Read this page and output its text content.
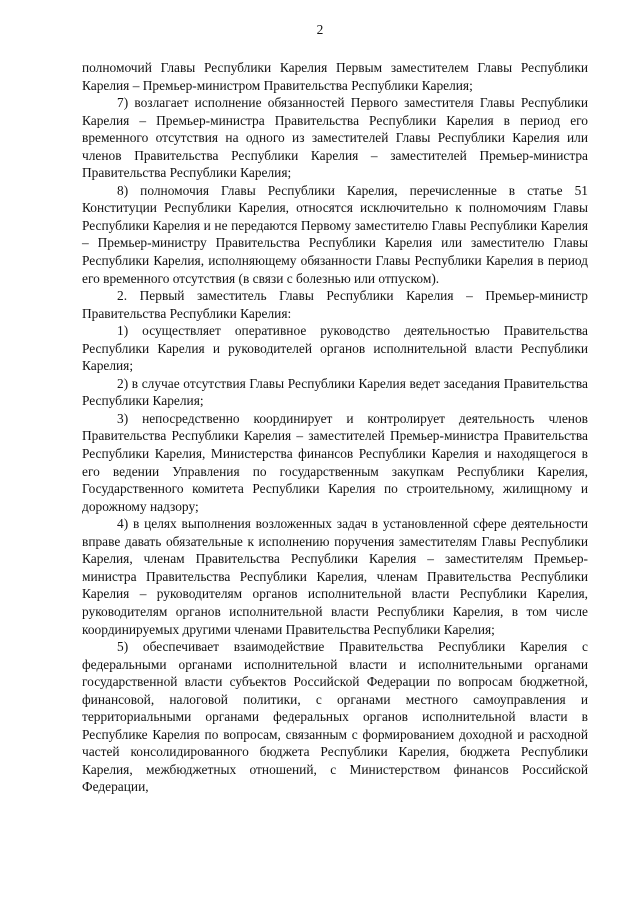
2

полномочий Главы Республики Карелия Первым заместителем Главы Республики Карелия – Премьер-министром Правительства Республики Карелия;

7) возлагает исполнение обязанностей Первого заместителя Главы Республики Карелия – Премьер-министра Правительства Республики Карелия в период его временного отсутствия на одного из заместителей Главы Республики Карелия или членов Правительства Республики Карелия – заместителей Премьер-министра Правительства Республики Карелия;

8) полномочия Главы Республики Карелия, перечисленные в статье 51 Конституции Республики Карелия, относятся исключительно к полномочиям Главы Республики Карелия и не передаются Первому заместителю Главы Республики Карелия – Премьер-министру Правительства Республики Карелия или заместителю Главы Республики Карелия, исполняющему обязанности Главы Республики Карелия в период его временного отсутствия (в связи с болезнью или отпуском).

2. Первый заместитель Главы Республики Карелия – Премьер-министр Правительства Республики Карелия:

1) осуществляет оперативное руководство деятельностью Правительства Республики Карелия и руководителей органов исполнительной власти Республики Карелия;

2) в случае отсутствия Главы Республики Карелия ведет заседания Правительства Республики Карелия;

3) непосредственно координирует и контролирует деятельность членов Правительства Республики Карелия – заместителей Премьер-министра Правительства Республики Карелия, Министерства финансов Республики Карелия и находящегося в его ведении Управления по государственным закупкам Республики Карелия, Государственного комитета Республики Карелия по строительному, жилищному и дорожному надзору;

4) в целях выполнения возложенных задач в установленной сфере деятельности вправе давать обязательные к исполнению поручения заместителям Главы Республики Карелия, членам Правительства Республики Карелия – заместителям Премьер-министра Правительства Республики Карелия, членам Правительства Республики Карелия – руководителям органов исполнительной власти Республики Карелия, руководителям органов исполнительной власти Республики Карелия, в том числе координируемых другими членами Правительства Республики Карелия;

5) обеспечивает взаимодействие Правительства Республики Карелия с федеральными органами исполнительной власти и исполнительными органами государственной власти субъектов Российской Федерации по вопросам бюджетной, финансовой, налоговой политики, с органами местного самоуправления и территориальными органами федеральных органов исполнительной власти в Республике Карелия по вопросам, связанным с формированием доходной и расходной частей консолидированного бюджета Республики Карелия, бюджета Республики Карелия, межбюджетных отношений, с Министерством финансов Российской Федерации,
